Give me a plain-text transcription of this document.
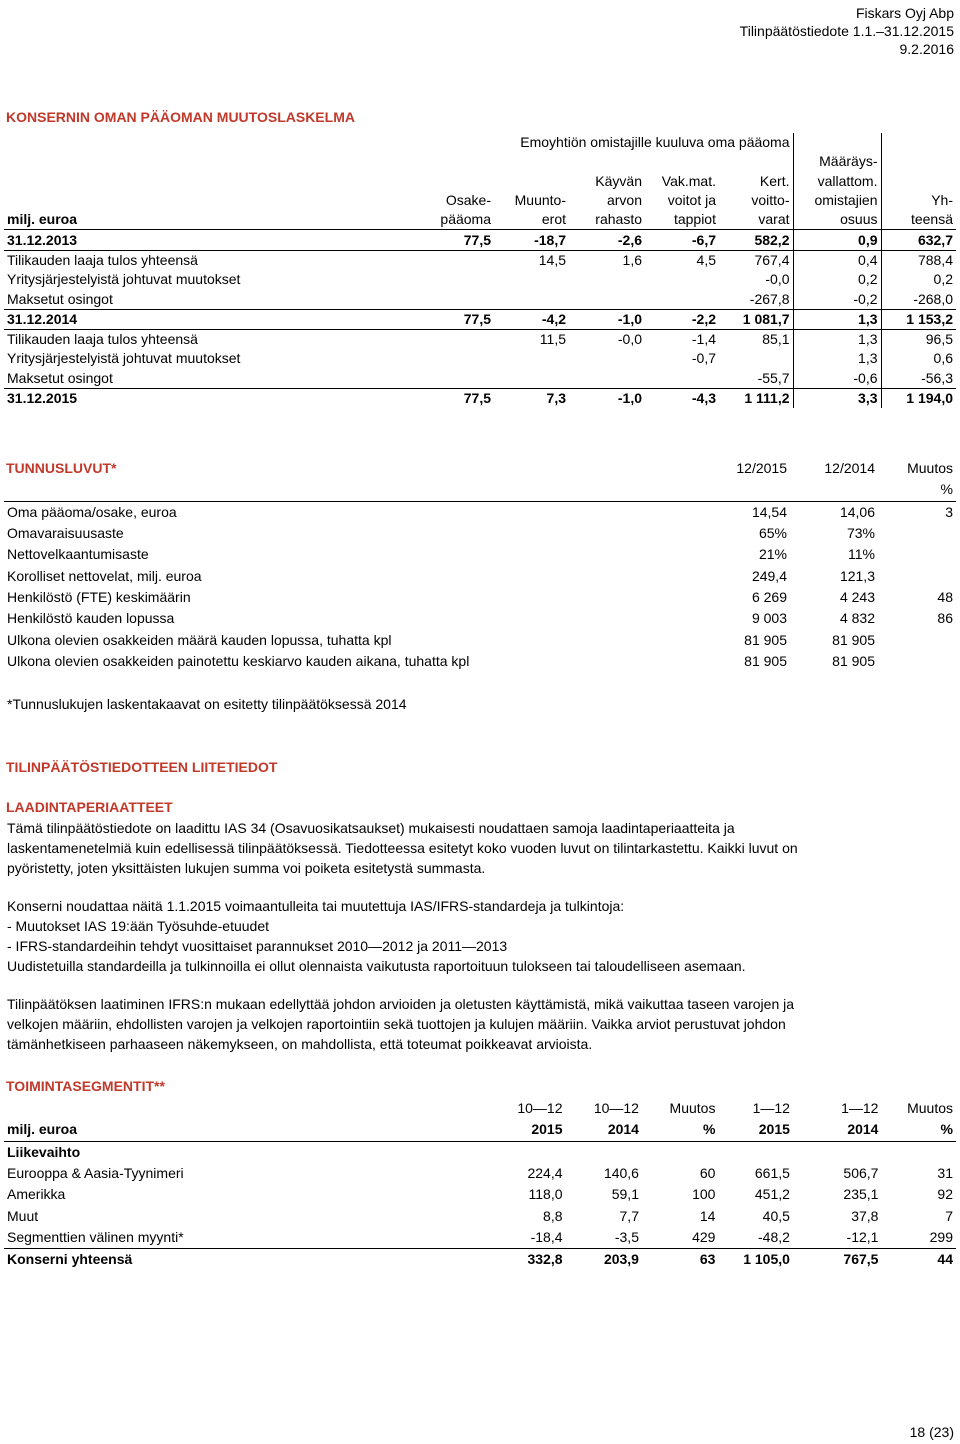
Fiskars Oyj Abp
Tilinpäätöstiedote 1.1.–31.12.2015
9.2.2016
KONSERNIN OMAN PÄÄOMAN MUUTOSLASKELMA
	Emoyhtiön omistajille kuuluva oma pääoma						
						Määräys-	
			Käyvän	Vak.mat.	Kert.	vallattom.	
	Osake-	Muunto-	arvon	voitot ja	voitto-	omistajien	Yh-
milj. euroa	pääoma	erot	rahasto	tappiot	varat	osuus	teensä
31.12.2013	77,5	-18,7	-2,6	-6,7	582,2	0,9	632,7
Tilikauden laaja tulos yhteensä		14,5	1,6	4,5	767,4	0,4	788,4
Yritysjärjestelyistä johtuvat muutokset					-0,0	0,2	0,2
Maksetut osingot					-267,8	-0,2	-268,0
31.12.2014	77,5	-4,2	-1,0	-2,2	1 081,7	1,3	1 153,2
Tilikauden laaja tulos yhteensä		11,5	-0,0	-1,4	85,1	1,3	96,5
Yritysjärjestelyistä johtuvat muutokset				-0,7		1,3	0,6
Maksetut osingot					-55,7	-0,6	-56,3
31.12.2015	77,5	7,3	-1,0	-4,3	1 111,2	3,3	1 194,0
TUNNUSLUVUT*
		12/2015	12/2014	Muutos
			%
Oma pääoma/osake, euroa	14,54	14,06	3
Omavaraisuusaste	65%	73%	
Nettovelkaantumisaste	21%	11%	
Korolliset nettovelat, milj. euroa	249,4	121,3	
Henkilöstö (FTE) keskimäärin	6 269	4 243	48
Henkilöstö kauden lopussa	9 003	4 832	86
Ulkona olevien osakkeiden määrä kauden lopussa, tuhatta kpl	81 905	81 905	
Ulkona olevien osakkeiden painotettu keskiarvo kauden aikana, tuhatta kpl	81 905	81 905	
*Tunnuslukujen laskentakaavat on esitetty tilinpäätöksessä 2014
TILINPÄÄTÖSTIEDOTTEEN LIITETIEDOT
LAADINTAPERIAATTEET
Tämä tilinpäätöstiedote on laadittu IAS 34 (Osavuosikatsaukset) mukaisesti noudattaen samoja laadintaperiaatteita ja
laskentamenetelmiä kuin edellisessä tilinpäätöksessä. Tiedotteessa esitetyt koko vuoden luvut on tilintarkastettu. Kaikki luvut on
pyöristetty, joten yksittäisten lukujen summa voi poiketa esitetystä summasta.
Konserni noudattaa näitä 1.1.2015 voimaantulleita tai muutettuja IAS/IFRS-standardeja ja tulkintoja:
- Muutokset IAS 19:ään Työsuhde-etuudet
- IFRS-standardeihin tehdyt vuosittaiset parannukset 2010—2012 ja 2011—2013
Uudistetuilla standardeilla ja tulkinnoilla ei ollut olennaista vaikutusta raportoituun tulokseen tai taloudelliseen asemaan.
Tilinpäätöksen laatiminen IFRS:n mukaan edellyttää johdon arvioiden ja oletusten käyttämistä, mikä vaikuttaa taseen varojen ja
velkojen määriin, ehdollisten varojen ja velkojen raportointiin sekä tuottojen ja kulujen määriin. Vaikka arviot perustuvat johdon
tämänhetkiseen parhaaseen näkemykseen, on mahdollista, että toteumat poikkeavat arvioista.
TOIMINTASEGMENTIT**
	10—12	10—12	Muutos	1—12	1—12	Muutos
milj. euroa	2015	2014	%	2015	2014	%
Liikevaihto						
Eurooppa & Aasia-Tyynimeri	224,4	140,6	60	661,5	506,7	31
Amerikka	118,0	59,1	100	451,2	235,1	92
Muut	8,8	7,7	14	40,5	37,8	7
Segmenttien välinen myynti*	-18,4	-3,5	429	-48,2	-12,1	299
Konserni yhteensä	332,8	203,9	63	1 105,0	767,5	44
18 (23)
